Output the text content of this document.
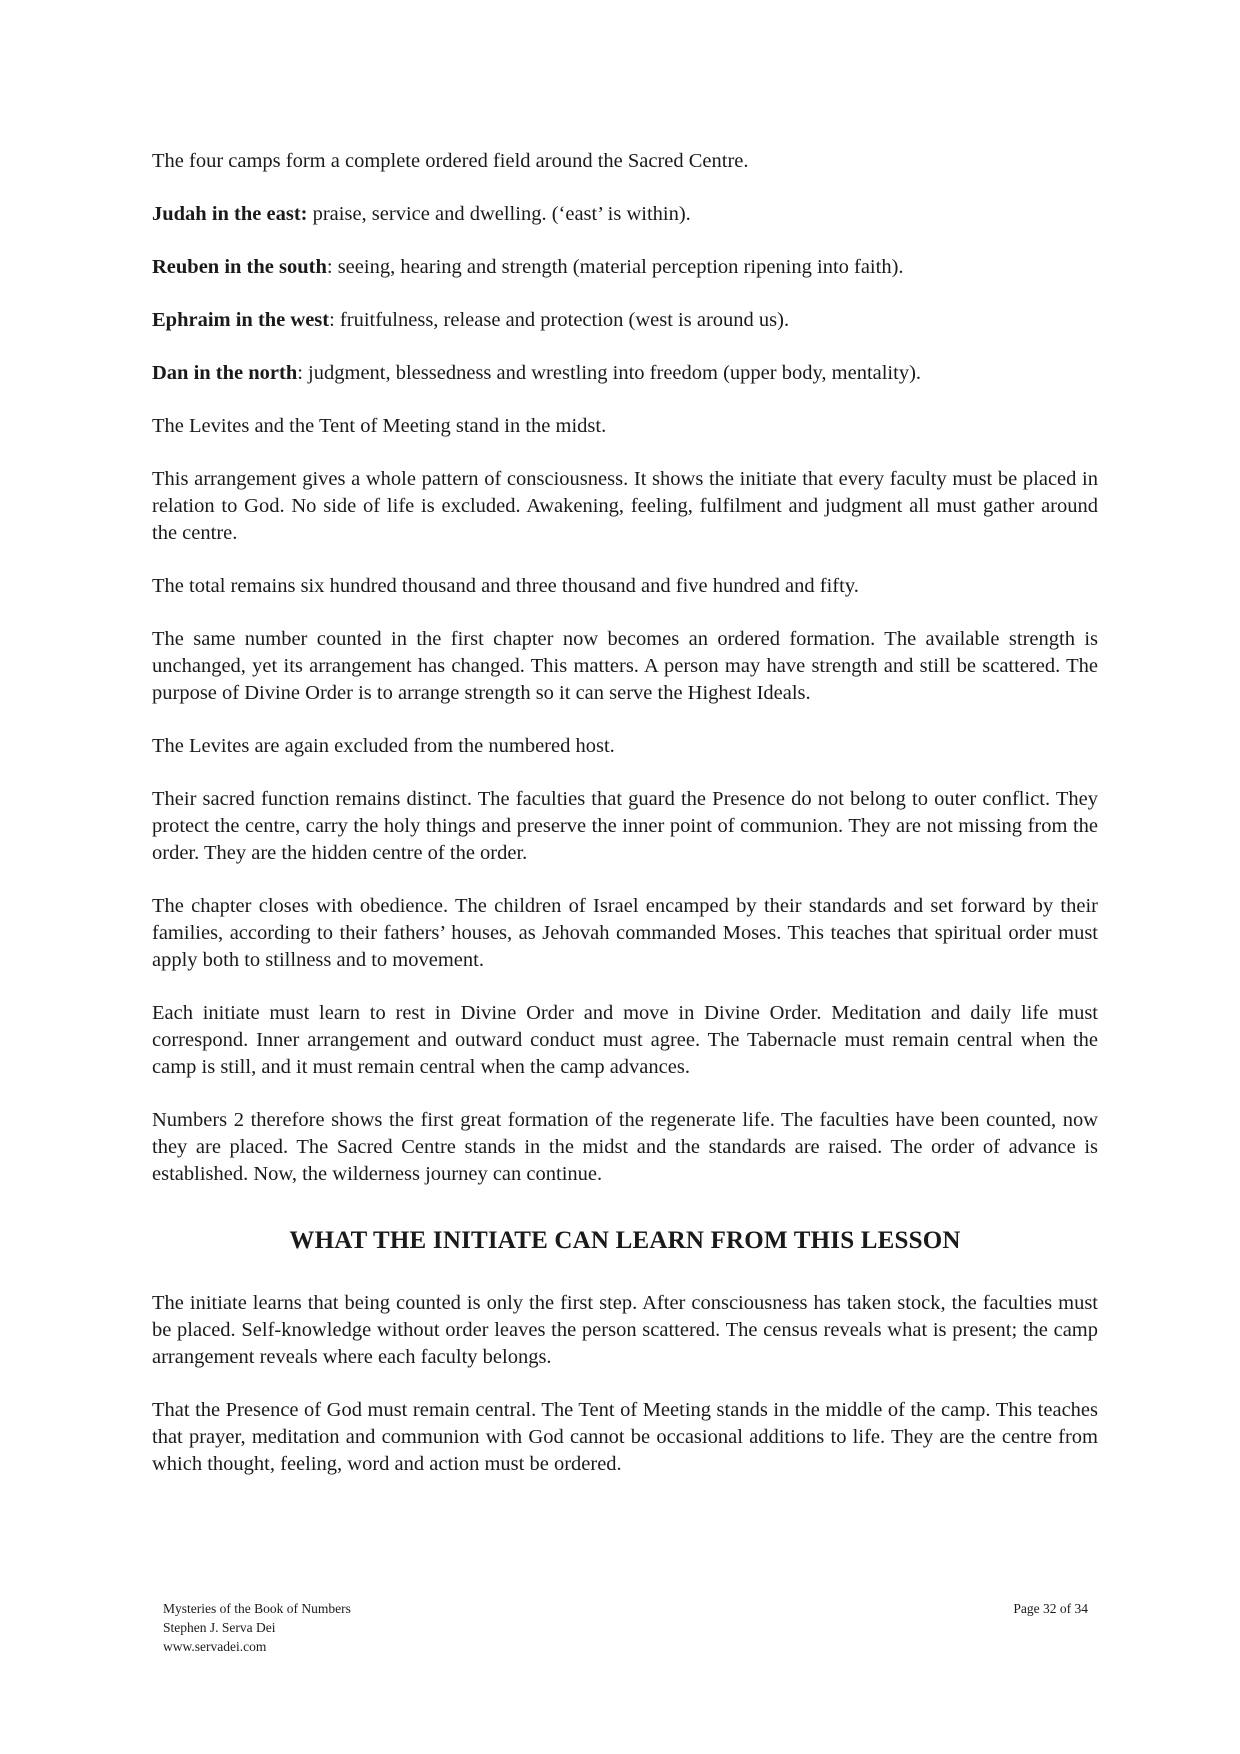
The four camps form a complete ordered field around the Sacred Centre.

Judah in the east: praise, service and dwelling. (‘east’ is within).

Reuben in the south: seeing, hearing and strength (material perception ripening into faith).

Ephraim in the west: fruitfulness, release and protection (west is around us).

Dan in the north: judgment, blessedness and wrestling into freedom (upper body, mentality).

The Levites and the Tent of Meeting stand in the midst.

This arrangement gives a whole pattern of consciousness. It shows the initiate that every faculty must be placed in relation to God. No side of life is excluded. Awakening, feeling, fulfilment and judgment all must gather around the centre.

The total remains six hundred thousand and three thousand and five hundred and fifty.

The same number counted in the first chapter now becomes an ordered formation. The available strength is unchanged, yet its arrangement has changed. This matters. A person may have strength and still be scattered. The purpose of Divine Order is to arrange strength so it can serve the Highest Ideals.

The Levites are again excluded from the numbered host.

Their sacred function remains distinct. The faculties that guard the Presence do not belong to outer conflict. They protect the centre, carry the holy things and preserve the inner point of communion. They are not missing from the order. They are the hidden centre of the order.

The chapter closes with obedience. The children of Israel encamped by their standards and set forward by their families, according to their fathers’ houses, as Jehovah commanded Moses. This teaches that spiritual order must apply both to stillness and to movement.

Each initiate must learn to rest in Divine Order and move in Divine Order. Meditation and daily life must correspond. Inner arrangement and outward conduct must agree. The Tabernacle must remain central when the camp is still, and it must remain central when the camp advances.

Numbers 2 therefore shows the first great formation of the regenerate life. The faculties have been counted, now they are placed. The Sacred Centre stands in the midst and the standards are raised. The order of advance is established. Now, the wilderness journey can continue.

WHAT THE INITIATE CAN LEARN FROM THIS LESSON

The initiate learns that being counted is only the first step. After consciousness has taken stock, the faculties must be placed. Self-knowledge without order leaves the person scattered. The census reveals what is present; the camp arrangement reveals where each faculty belongs.

That the Presence of God must remain central. The Tent of Meeting stands in the middle of the camp. This teaches that prayer, meditation and communion with God cannot be occasional additions to life. They are the centre from which thought, feeling, word and action must be ordered.

Mysteries of the Book of Numbers
Stephen J. Serva Dei
www.servadei.com
Page 32 of 34
